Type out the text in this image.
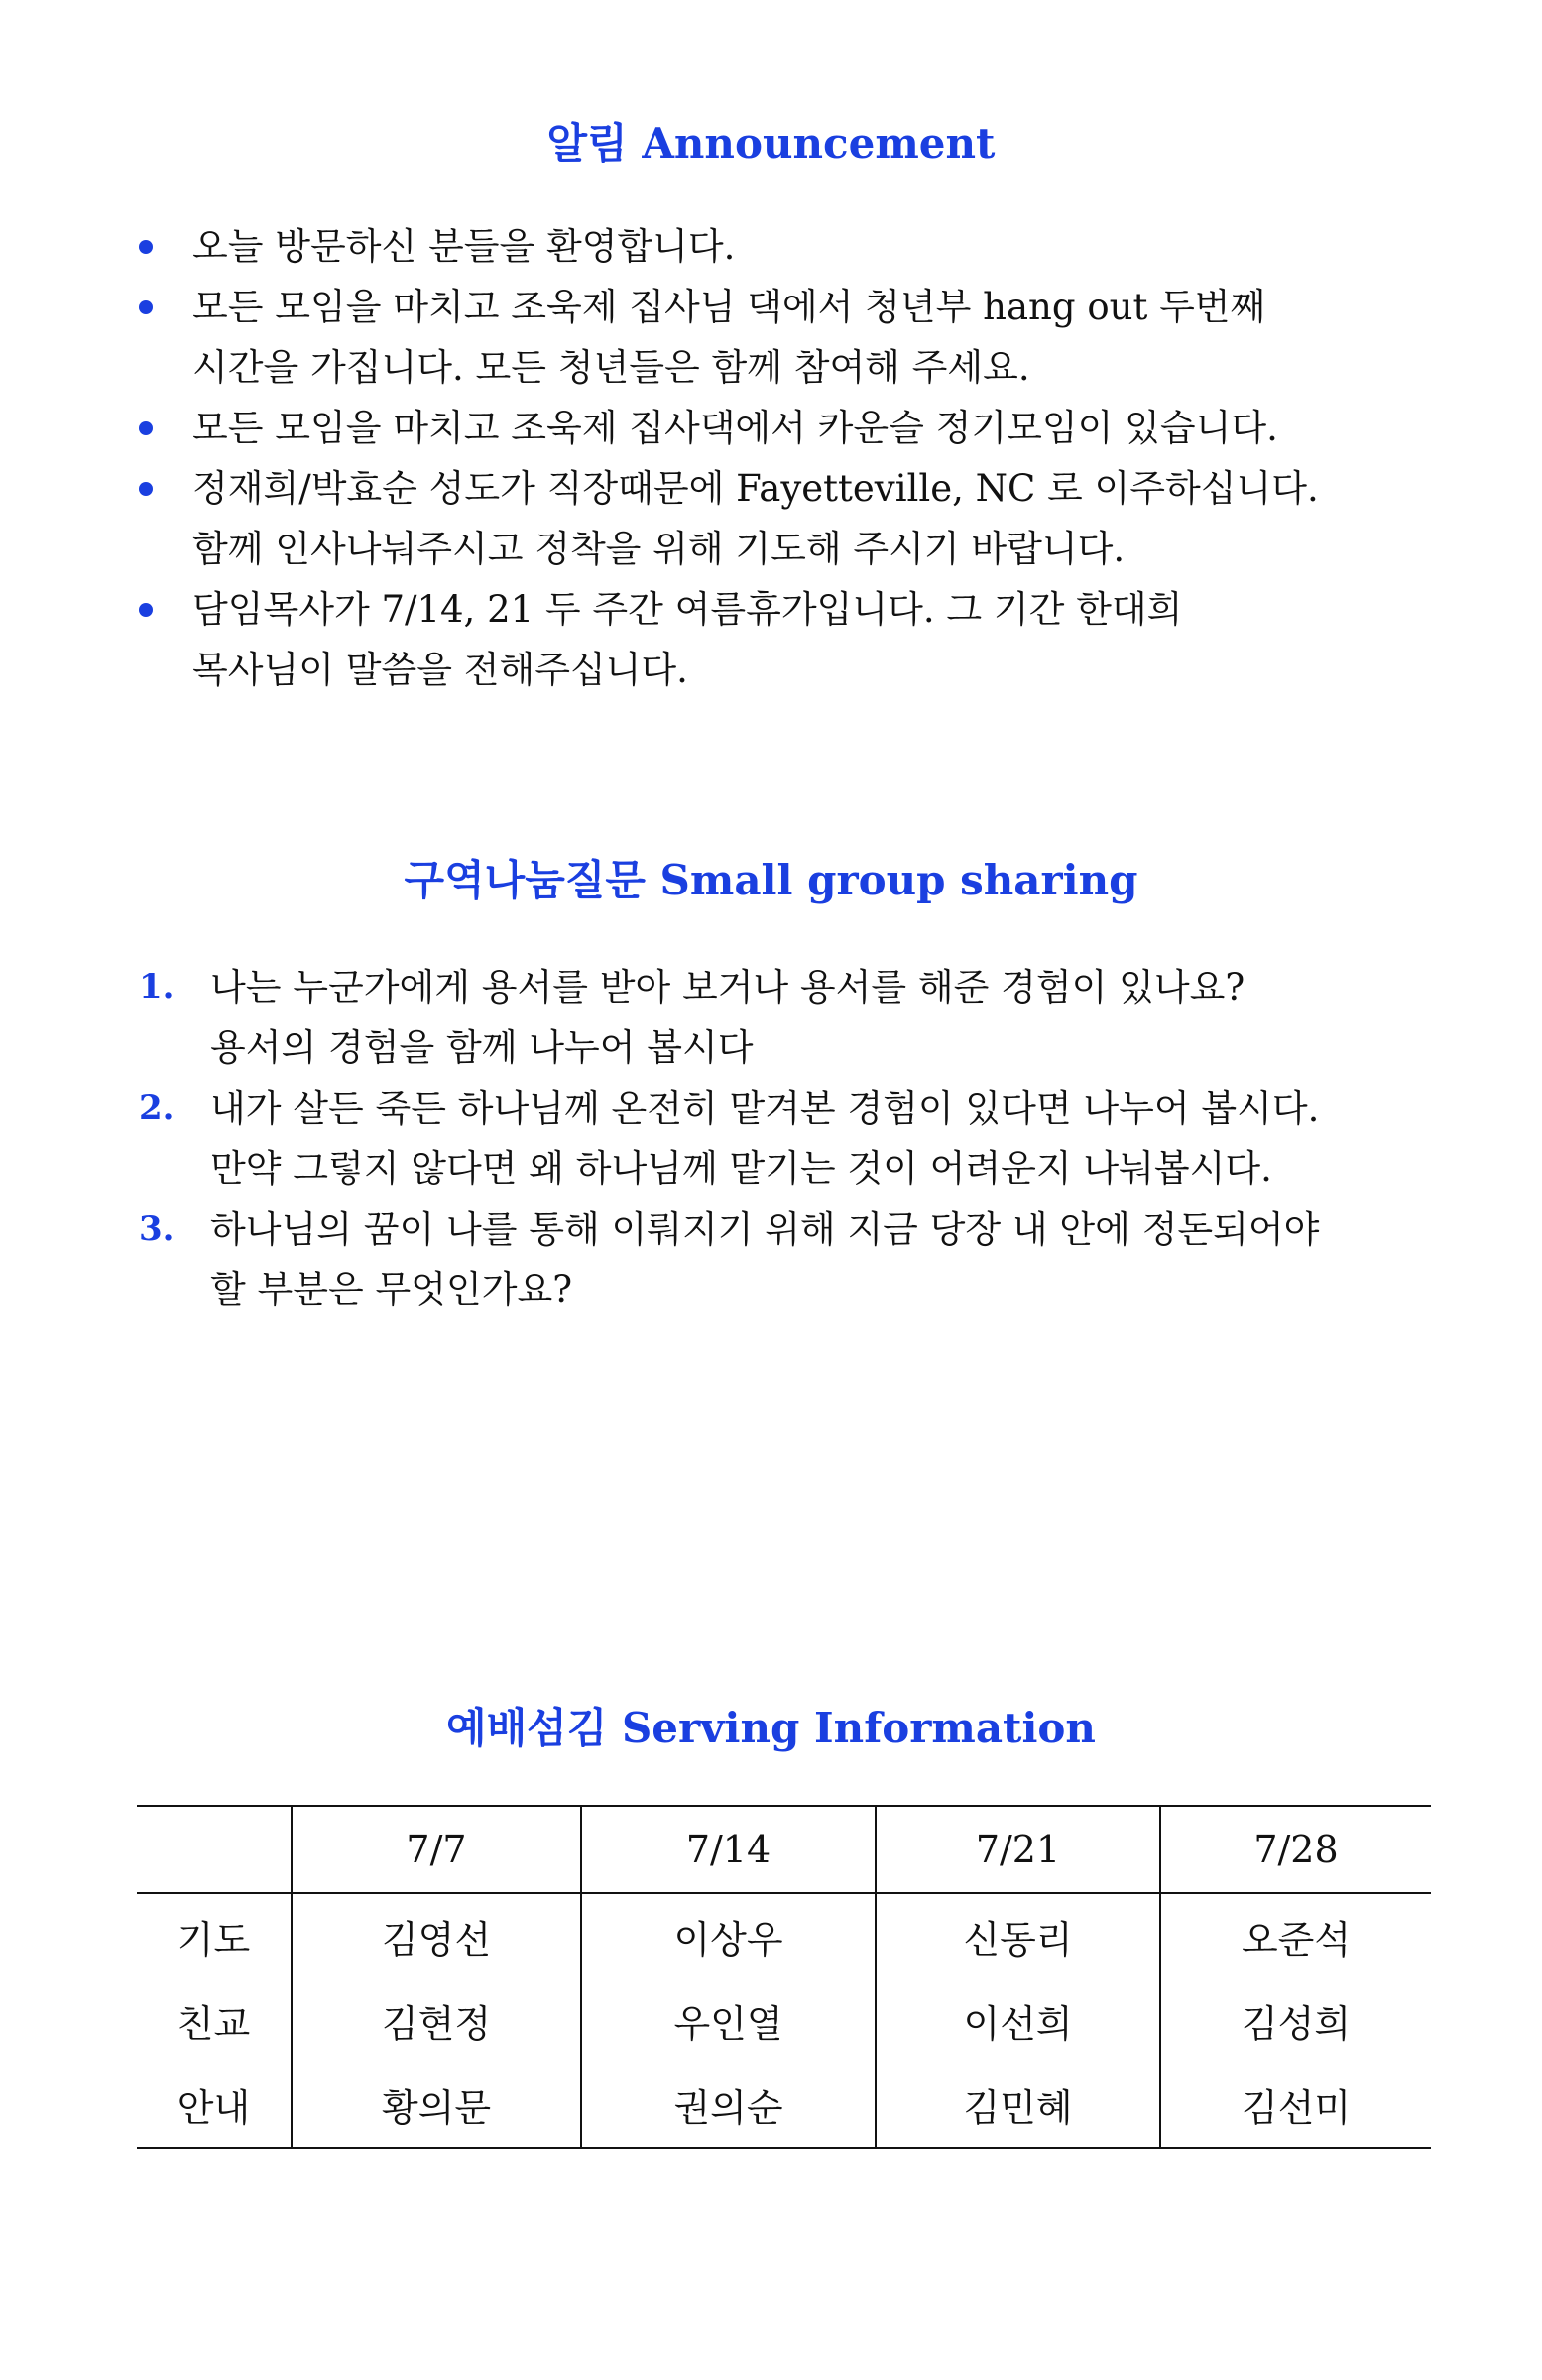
알림 Announcement
오늘 방문하신 분들을 환영합니다.
모든 모임을 마치고 조욱제 집사님 댁에서 청년부 hang out 두번째
시간을 가집니다. 모든 청년들은 함께 참여해 주세요.
모든 모임을 마치고 조욱제 집사댁에서 카운슬 정기모임이 있습니다.
정재희/박효순 성도가 직장때문에 Fayetteville, NC 로 이주하십니다.
함께 인사나눠주시고 정착을 위해 기도해 주시기 바랍니다.
담임목사가 7/14, 21 두 주간 여름휴가입니다. 그 기간 한대희
목사님이 말씀을 전해주십니다.
구역나눔질문 Small group sharing
1. 나는 누군가에게 용서를 받아 보거나 용서를 해준 경험이 있나요?
용서의 경험을 함께 나누어 봅시다
2. 내가 살든 죽든 하나님께 온전히 맡겨본 경험이 있다면 나누어 봅시다.
만약 그렇지 않다면 왜 하나님께 맡기는 것이 어려운지 나눠봅시다.
3. 하나님의 꿈이 나를 통해 이뤄지기 위해 지금 당장 내 안에 정돈되어야
할 부분은 무엇인가요?
예배섬김 Serving Information
	7/7	7/14	7/21	7/28
기도	김영선	이상우	신동리	오준석
친교	김현정	우인열	이선희	김성희
안내	황의문	권의순	김민혜	김선미
